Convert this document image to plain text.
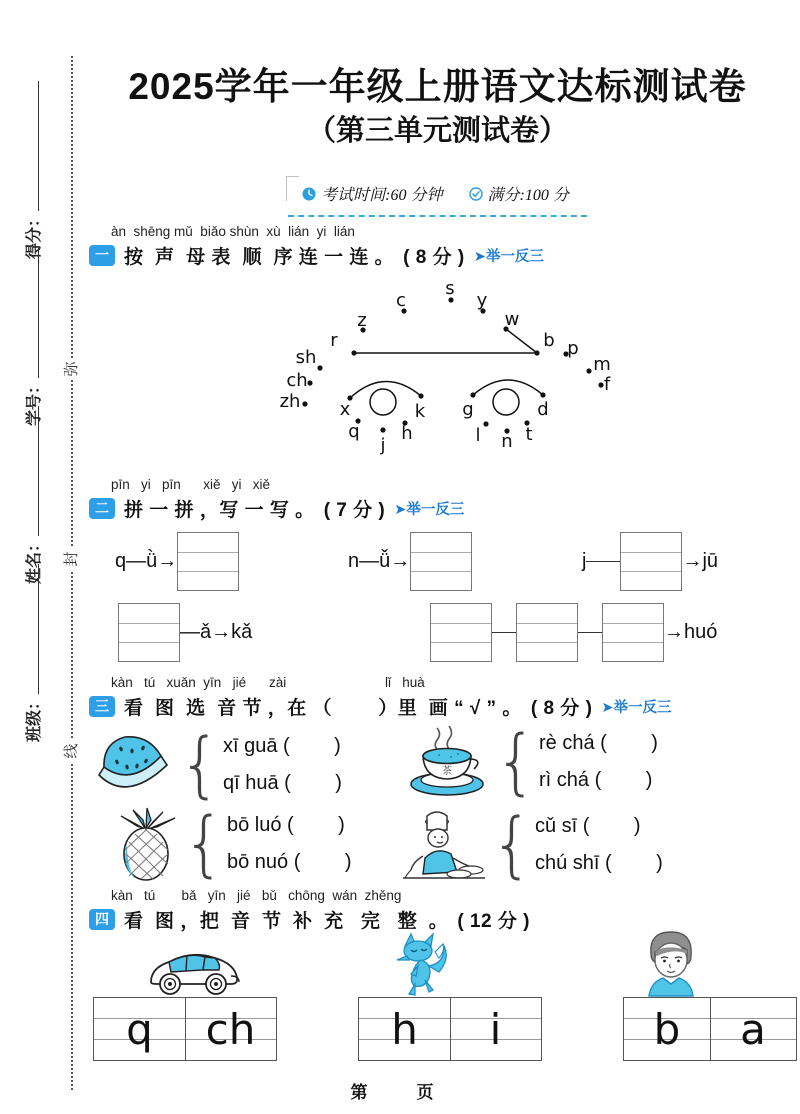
得分：
学号：
姓名：
班级：
弥
封
线
2025学年一年级上册语文达标测试卷
（第三单元测试卷）
考试时间:60 分钟	满分:100 分
àn  shēng mǔ  biǎo shùn  xù  lián  yi  lián
一 按  声  母 表  顺  序 连 一 连 。 ( 8 分 ) ➤举一反三
s
c	y
z	w
r	b p
sh	m
ch	f
zh x	k g	d
q
j
h	l n t
pīn   yi   pīn      xiě   yi   xiě
二 拼 一 拼 ，写 一 写 。 ( 7 分 ) ➤举一反三
q—ǜ→	n—ǚ→	j	→jū
—ǎ→kǎ	→huó
kàn   tú   xuǎn  yīn   jié zài	lǐ   huà
三 看  图  选  音 节 ，在 （        ）里  画 “ √ ” 。 ( 8 分 ) ➤举一反三
{ xī guā (        )
qī huā (        )
茶 { rè chá (        )
rì chá (        )
{ bō luó (        )
bō nuó (        ) { cǔ sī (        )
chú shī (        )
kàn   tú       bǎ   yīn   jié   bǔ   chōng  wán  zhěng
四 看  图 ，把  音  节  补  充   完   整  。 ( 12 分 )
q	ch	h	i	b	a
第　页
